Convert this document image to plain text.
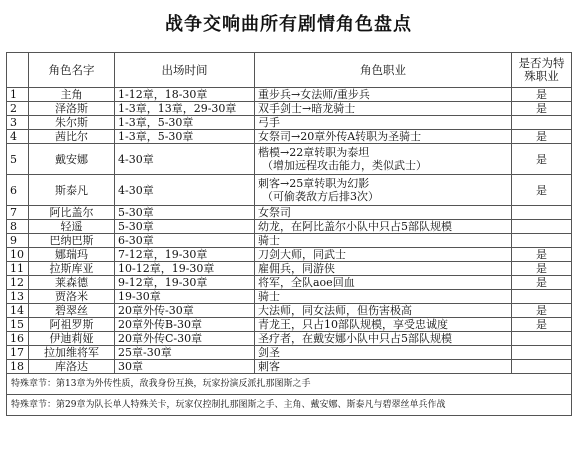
战争交响曲所有剧情角色盘点
	角色名字	出场时间	角色职业	是否为特殊职业
1	主角	1-12章，18-30章	重步兵→女法师/重步兵	是
2	泽洛斯	1-3章，13章，29-30章	双手剑士→暗龙骑士	是
3	朱尔斯	1-3章，5-30章	弓手	

4	茜比尔	1-3章，5-30章	女祭司→20章外传A转职为圣骑士	是
5	戴安娜	4-30章	楷模→22章转职为泰坦
（增加远程攻击能力，类似武士）	是
6	斯泰凡	4-30章	刺客→25章转职为幻影
（可偷袭敌方后排3次）	是
7	阿比盖尔	5-30章	女祭司	

8	轻遥	5-30章	幼龙，在阿比盖尔小队中只占5部队规模	

9	巴纳巴斯	6-30章	骑士	

10	娜瑞玛	7-12章，19-30章	刀剑大师，同武士	是
11	拉斯库亚	10-12章，19-30章	雇佣兵，同游侠	是
12	莱森德	9-12章，19-30章	将军，全队aoe回血	是
13	贾洛米	19-30章	骑士	

14	碧翠丝	20章外传-30章	大法师，同女法师，但伤害极高	是
15	阿祖罗斯	20章外传B-30章	青龙王，只占10部队规模，享受忠诚度	是
16	伊迪莉娅	20章外传C-30章	圣疗者，在戴安娜小队中只占5部队规模	

17	拉加维将军	25章-30章	剑圣	

18	库洛达	30章	刺客	

特殊章节：第13章为外传性质，敌我身份互换，玩家扮演反派扎那图斯之手				
特殊章节：第29章为队长单人特殊关卡，玩家仅控制扎那图斯之手、主角、戴安娜、斯泰凡与碧翠丝单兵作战				
